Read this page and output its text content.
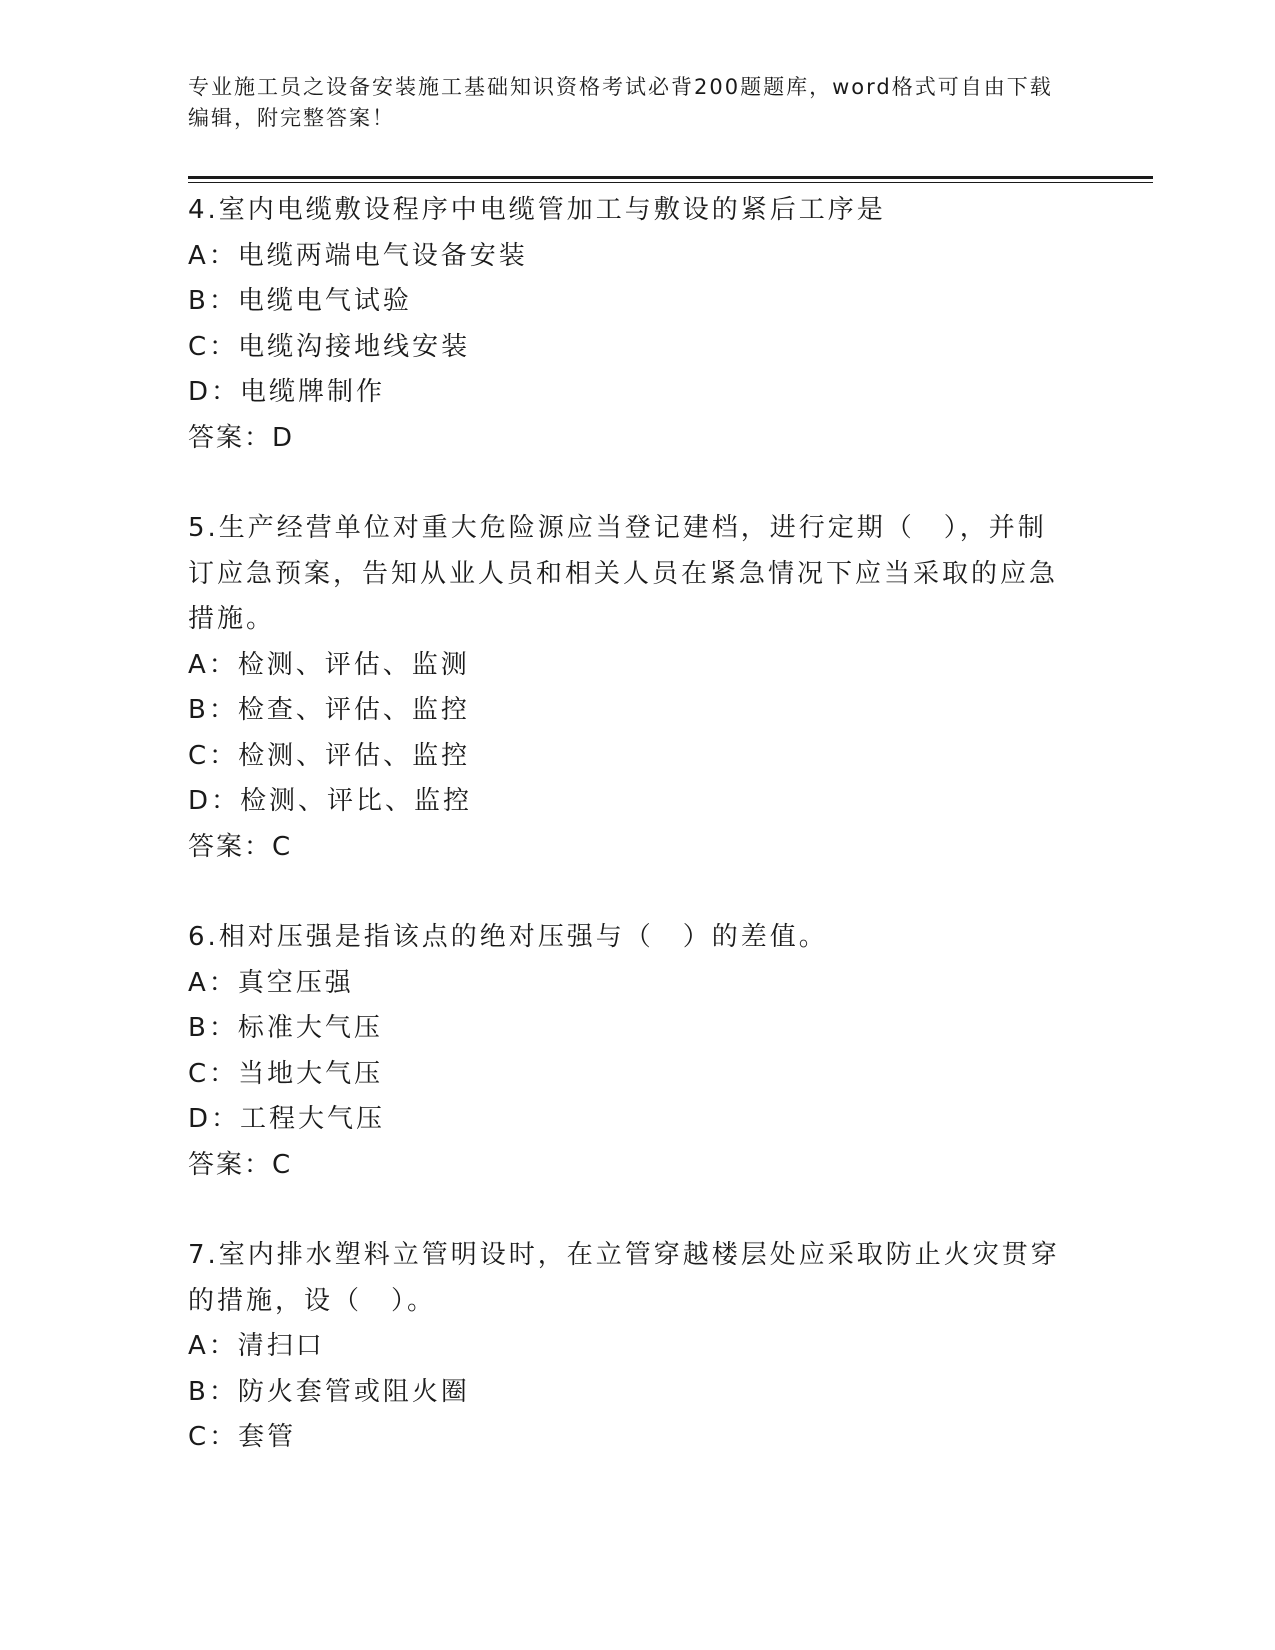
专业施工员之设备安装施工基础知识资格考试必背200题题库，word格式可自由下载编辑，附完整答案！
4.室内电缆敷设程序中电缆管加工与敷设的紧后工序是
A：电缆两端电气设备安装
B：电缆电气试验
C：电缆沟接地线安装
D：电缆牌制作
答案：D
5.生产经营单位对重大危险源应当登记建档，进行定期（　），并制订应急预案，告知从业人员和相关人员在紧急情况下应当采取的应急措施。
A：检测、评估、监测
B：检查、评估、监控
C：检测、评估、监控
D：检测、评比、监控
答案：C
6.相对压强是指该点的绝对压强与（　）的差值。
A：真空压强
B：标准大气压
C：当地大气压
D：工程大气压
答案：C
7.室内排水塑料立管明设时，在立管穿越楼层处应采取防止火灾贯穿的措施，设（　）。
A：清扫口
B：防火套管或阻火圈
C：套管
